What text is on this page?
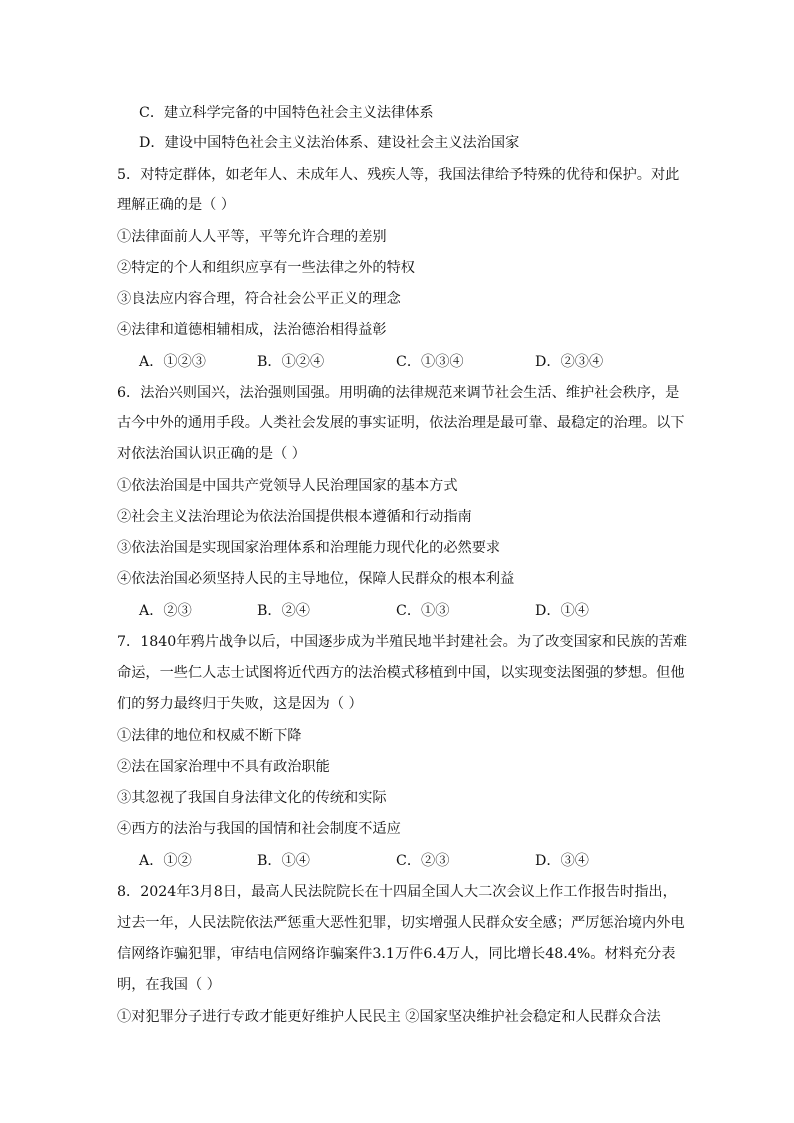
C．建立科学完备的中国特色社会主义法律体系
D．建设中国特色社会主义法治体系、建设社会主义法治国家
5．对特定群体，如老年人、未成年人、残疾人等，我国法律给予特殊的优待和保护。对此
理解正确的是（ ）
①法律面前人人平等，平等允许合理的差别
②特定的个人和组织应享有一些法律之外的特权
③良法应内容合理，符合社会公平正义的理念
④法律和道德相辅相成，法治德治相得益彰
A．①②③	B．①②④	C．①③④	D．②③④
6．法治兴则国兴，法治强则国强。用明确的法律规范来调节社会生活、维护社会秩序，是
古今中外的通用手段。人类社会发展的事实证明，依法治理是最可靠、最稳定的治理。以下
对依法治国认识正确的是（ ）
①依法治国是中国共产党领导人民治理国家的基本方式
②社会主义法治理论为依法治国提供根本遵循和行动指南
③依法治国是实现国家治理体系和治理能力现代化的必然要求
④依法治国必须坚持人民的主导地位，保障人民群众的根本利益
A．②③	B．②④	C．①③	D．①④
7．1840年鸦片战争以后，中国逐步成为半殖民地半封建社会。为了改变国家和民族的苦难
命运，一些仁人志士试图将近代西方的法治模式移植到中国，以实现变法图强的梦想。但他
们的努力最终归于失败，这是因为（ ）
①法律的地位和权威不断下降
②法在国家治理中不具有政治职能
③其忽视了我国自身法律文化的传统和实际
④西方的法治与我国的国情和社会制度不适应
A．①②	B．①④	C．②③	D．③④
8．2024年3月8日，最高人民法院院长在十四届全国人大二次会议上作工作报告时指出，
过去一年，人民法院依法严惩重大恶性犯罪，切实增强人民群众安全感；严厉惩治境内外电
信网络诈骗犯罪，审结电信网络诈骗案件3.1万件6.4万人，同比增长48.4%。材料充分表
明，在我国（ ）
①对犯罪分子进行专政才能更好维护人民民主 ②国家坚决维护社会稳定和人民群众合法
